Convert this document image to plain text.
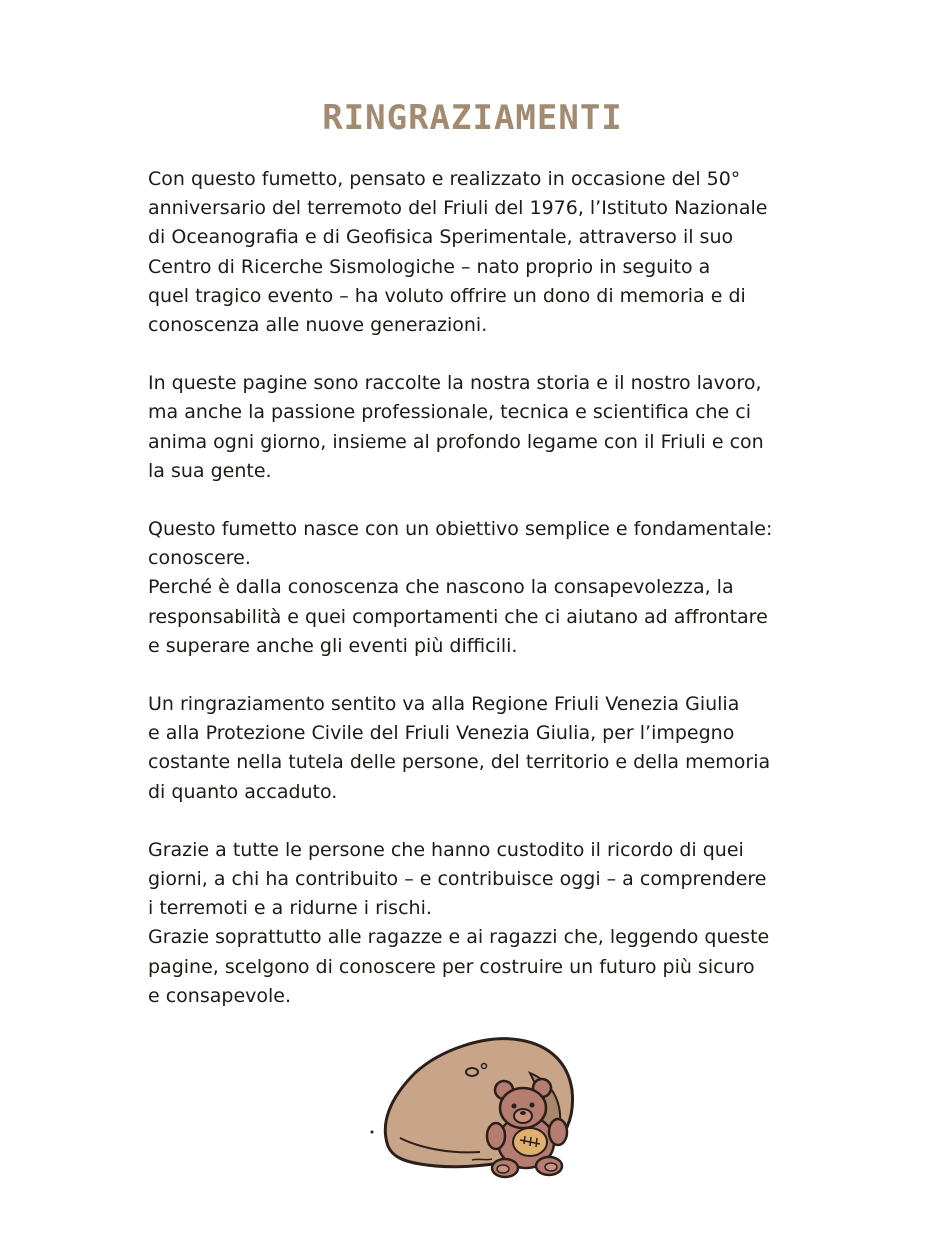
RINGRAZIAMENTI

Con questo fumetto, pensato e realizzato in occasione del 50°
anniversario del terremoto del Friuli del 1976, l’Istituto Nazionale
di Oceanografia e di Geofisica Sperimentale, attraverso il suo
Centro di Ricerche Sismologiche – nato proprio in seguito a
quel tragico evento – ha voluto offrire un dono di memoria e di
conoscenza alle nuove generazioni.

In queste pagine sono raccolte la nostra storia e il nostro lavoro,
ma anche la passione professionale, tecnica e scientifica che ci
anima ogni giorno, insieme al profondo legame con il Friuli e con
la sua gente.

Questo fumetto nasce con un obiettivo semplice e fondamentale:
conoscere.
Perché è dalla conoscenza che nascono la consapevolezza, la
responsabilità e quei comportamenti che ci aiutano ad affrontare
e superare anche gli eventi più difficili.

Un ringraziamento sentito va alla Regione Friuli Venezia Giulia
e alla Protezione Civile del Friuli Venezia Giulia, per l’impegno
costante nella tutela delle persone, del territorio e della memoria
di quanto accaduto.

Grazie a tutte le persone che hanno custodito il ricordo di quei
giorni, a chi ha contribuito – e contribuisce oggi – a comprendere
i terremoti e a ridurne i rischi.
Grazie soprattutto alle ragazze e ai ragazzi che, leggendo queste
pagine, scelgono di conoscere per costruire un futuro più sicuro
e consapevole.
